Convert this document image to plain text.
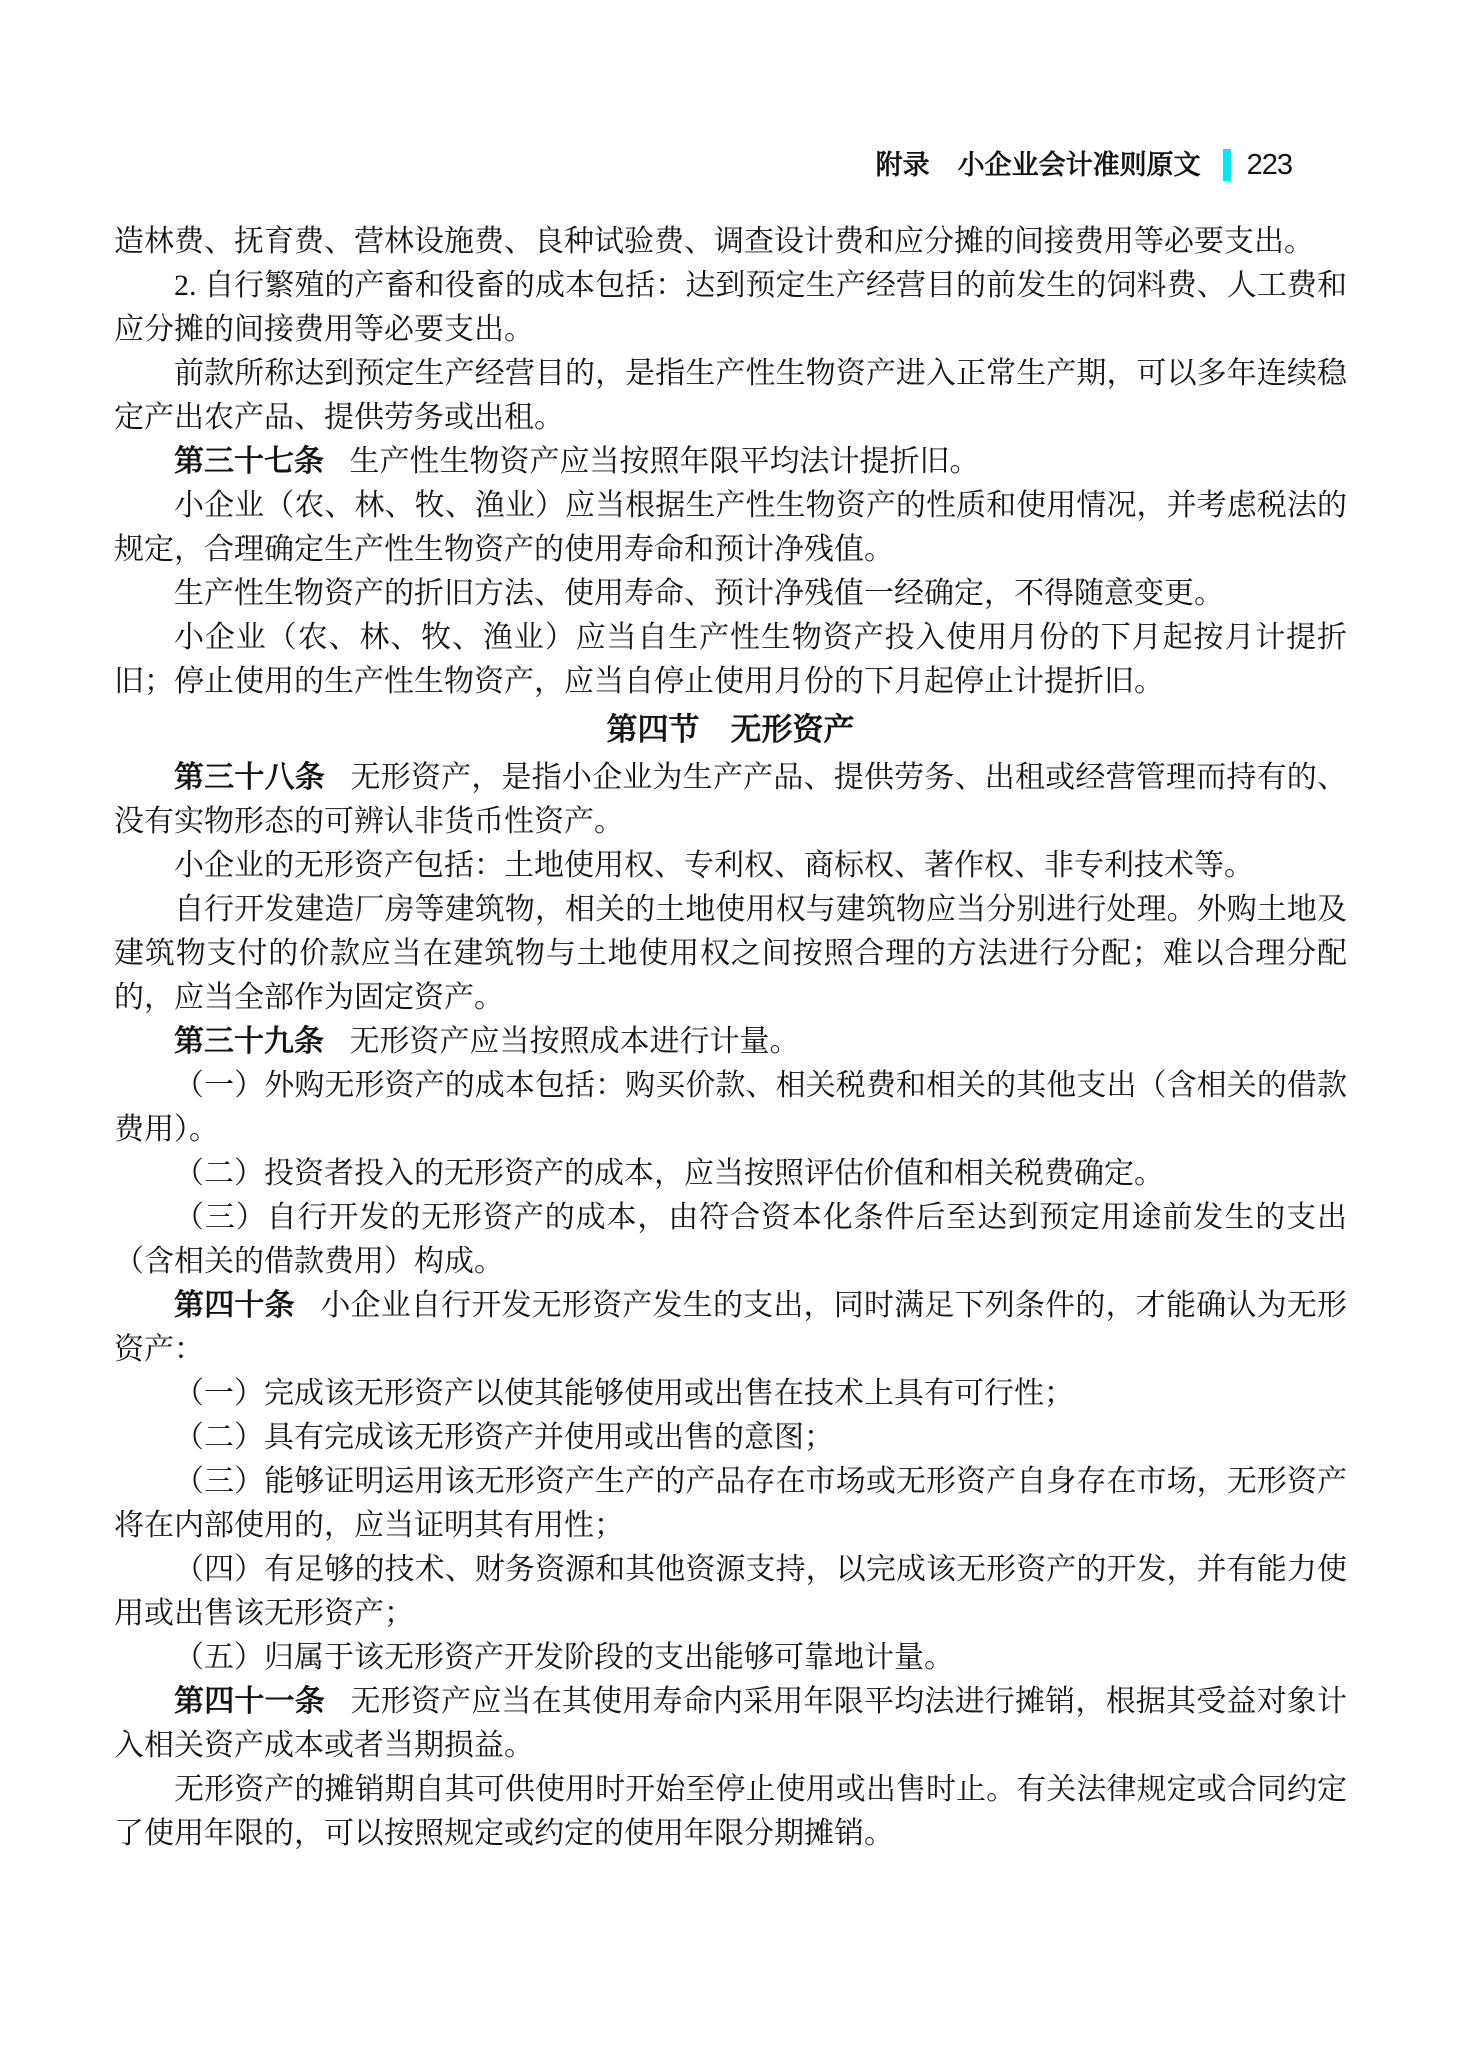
附录 小企业会计准则原文 223

造林费、抚育费、营林设施费、良种试验费、调查设计费和应分摊的间接费用等必要支出。

2. 自行繁殖的产畜和役畜的成本包括：达到预定生产经营目的前发生的饲料费、人工费和应分摊的间接费用等必要支出。

前款所称达到预定生产经营目的，是指生产性生物资产进入正常生产期，可以多年连续稳定产出农产品、提供劳务或出租。

第三十七条 生产性生物资产应当按照年限平均法计提折旧。

小企业（农、林、牧、渔业）应当根据生产性生物资产的性质和使用情况，并考虑税法的规定，合理确定生产性生物资产的使用寿命和预计净残值。

生产性生物资产的折旧方法、使用寿命、预计净残值一经确定，不得随意变更。

小企业（农、林、牧、渔业）应当自生产性生物资产投入使用月份的下月起按月计提折旧；停止使用的生产性生物资产，应当自停止使用月份的下月起停止计提折旧。

第四节　无形资产

第三十八条 无形资产，是指小企业为生产产品、提供劳务、出租或经营管理而持有的、没有实物形态的可辨认非货币性资产。

小企业的无形资产包括：土地使用权、专利权、商标权、著作权、非专利技术等。

自行开发建造厂房等建筑物，相关的土地使用权与建筑物应当分别进行处理。外购土地及建筑物支付的价款应当在建筑物与土地使用权之间按照合理的方法进行分配；难以合理分配的，应当全部作为固定资产。

第三十九条 无形资产应当按照成本进行计量。

（一）外购无形资产的成本包括：购买价款、相关税费和相关的其他支出（含相关的借款费用）。

（二）投资者投入的无形资产的成本，应当按照评估价值和相关税费确定。

（三）自行开发的无形资产的成本，由符合资本化条件后至达到预定用途前发生的支出（含相关的借款费用）构成。

第四十条 小企业自行开发无形资产发生的支出，同时满足下列条件的，才能确认为无形资产：

（一）完成该无形资产以使其能够使用或出售在技术上具有可行性；

（二）具有完成该无形资产并使用或出售的意图；

（三）能够证明运用该无形资产生产的产品存在市场或无形资产自身存在市场，无形资产将在内部使用的，应当证明其有用性；

（四）有足够的技术、财务资源和其他资源支持，以完成该无形资产的开发，并有能力使用或出售该无形资产；

（五）归属于该无形资产开发阶段的支出能够可靠地计量。

第四十一条 无形资产应当在其使用寿命内采用年限平均法进行摊销，根据其受益对象计入相关资产成本或者当期损益。

无形资产的摊销期自其可供使用时开始至停止使用或出售时止。有关法律规定或合同约定了使用年限的，可以按照规定或约定的使用年限分期摊销。
